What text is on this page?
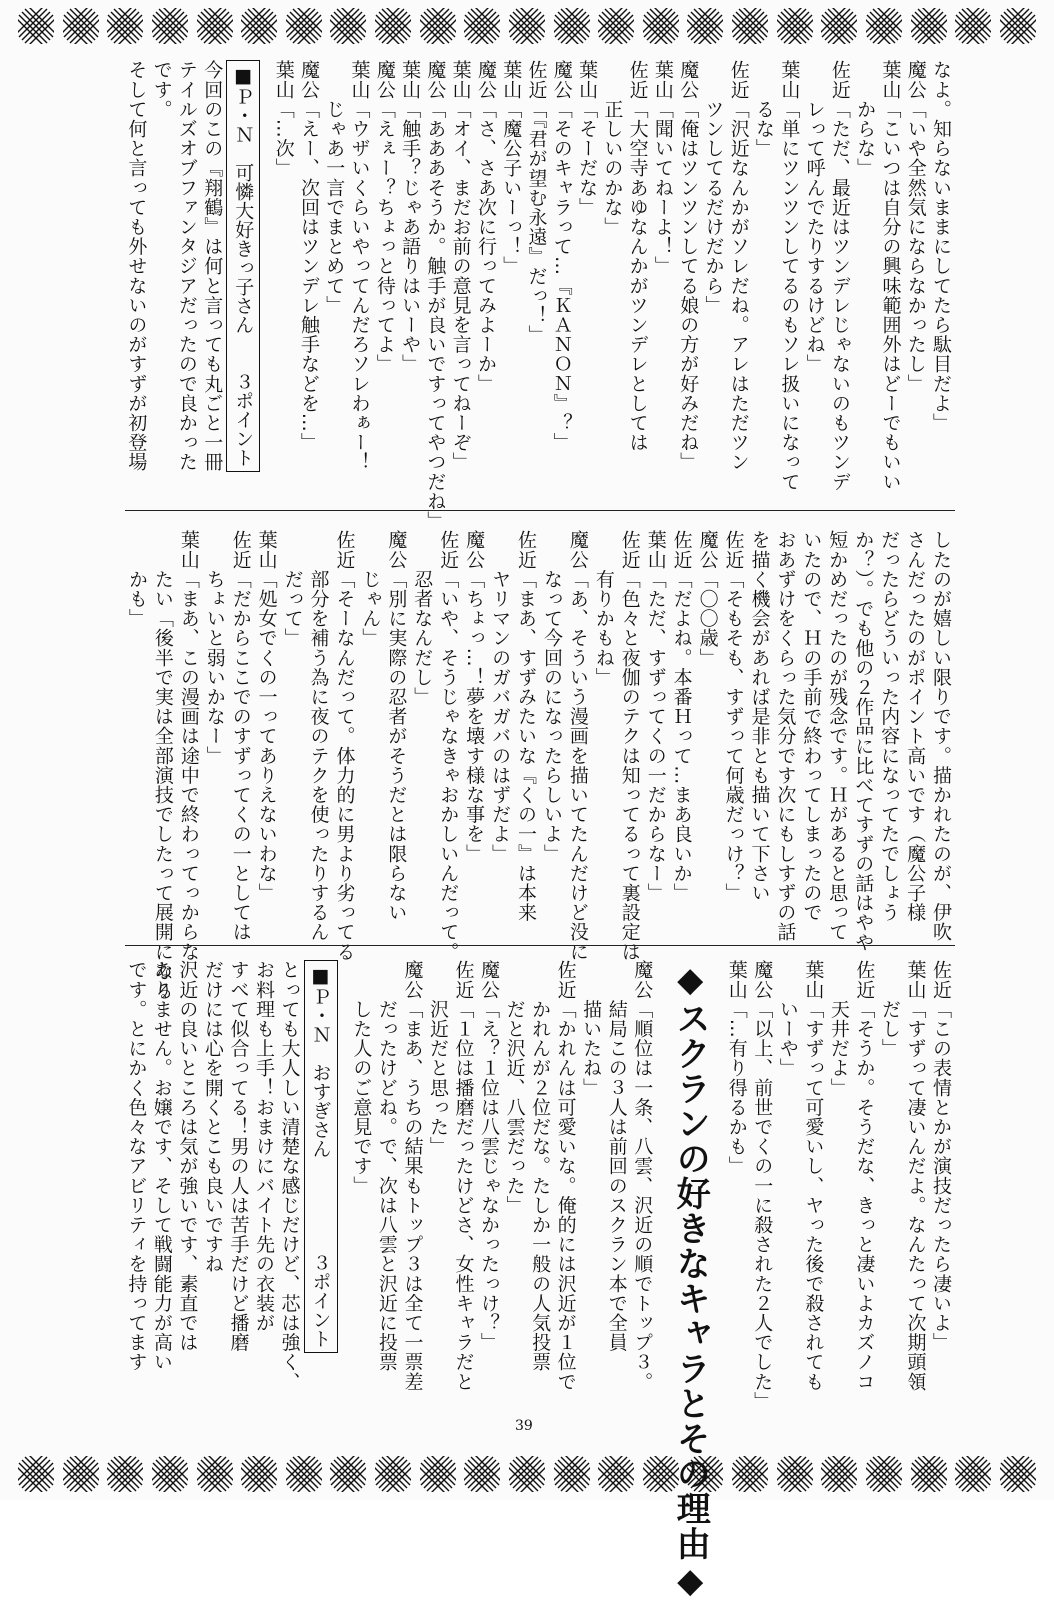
なよ。知らないままにしてたら駄目だよ」
魔公「いや全然気にならなかったし」
葉山「こいつは自分の興味範囲外はどーでもいい
　　からな」
佐近「ただ、最近はツンデレじゃないのもツンデ
　　レって呼んでたりするけどね」
葉山「単にツンツンしてるのもソレ扱いになって
　　るな」
佐近「沢近なんかがソレだね。アレはただツン
　　ツンしてるだけだから」
魔公「俺はツンツンしてる娘の方が好みだね」
葉山「聞いてねーよ！」
佐近「大空寺あゆなんかがツンデレとしては
　　正しいのかな」
葉山「そーだな」
魔公「そのキャラって…『ＫＡＮＯＮ』？」
佐近「『君が望む永遠』だっ！」
葉山「魔公子いーっ！」
魔公「さ、さあ次に行ってみよーか」
葉山「オイ、まだお前の意見を言ってねーぞ」
魔公「あああそうか。触手が良いですってやつだね」
葉山「触手？じゃあ語りはいーや」
魔公「えぇー？ちょっと待ってよ」
葉山「ウザいくらいやってんだろソレわぁー！
　　じゃあ一言でまとめて」
魔公「えー、次回はツンデレ触手などを…」
葉山「…次」
■Ｐ・Ｎ　可憐大好きっ子さん　　３ポイント
今回のこの『翔鶴』は何と言っても丸ごと一冊
テイルズオブファンタジアだったので良かった
です。
そして何と言っても外せないのがすずが初登場
したのが嬉しい限りです。描かれたのが、伊吹
さんだったのがポイント高いです（魔公子様
だったらどういった内容になってたでしょう
か？）。でも他の２作品に比べてすずの話はやや
短かめだったのが残念です。Ｈがあると思って
いたので、Ｈの手前で終わってしまったので
おあずけをくらった気分です次にもしすずの話
を描く機会があれば是非とも描いて下さい
佐近「そもそも、すずって何歳だっけ？」
魔公「〇〇歳」
佐近「だよね。本番Ｈって…まあ良いか」
葉山「ただ、すずってくの一だからなー」
佐近「色々と夜伽のテクは知ってるって裏設定は
　　有りかもね」
魔公「あ、そういう漫画を描いてたんだけど没に
　　なって今回のになったらしいよ」
佐近「まあ、すずみたいな『くの一』は本来
　　ヤリマンのガバガバのはずだよ」
魔公「ちょっ…！夢を壊す様な事を」
佐近「いや、そうじゃなきゃおかしいんだって。
　　忍者なんだし」
魔公「別に実際の忍者がそうだとは限らない
　　じゃん」
佐近「そーなんだって。体力的に男より劣ってる
　　部分を補う為に夜のテクを使ったりするん
　　だって」
葉山「処女でくの一ってありえないわな」
佐近「だからここでのすずってくの一としては
　　ちょいと弱いかなー」
葉山「まあ、この漫画は途中で終わってっからな
　　たい「後半で実は全部演技でしたって展開になる
　　かも」
佐近「この表情とかが演技だったら凄いよ」
葉山「すずって凄いんだよ。なんたって次期頭領
　　だし」
佐近「そうか。そうだな、きっと凄いよカズノコ
　　天井だよ」
葉山「すずって可愛いし、ヤった後で殺されても
　　いーや」
魔公「以上、前世でくの一に殺された２人でした」
葉山「…有り得るかも」
◆スクランの好きなキャラとその理由◆
魔公「順位は一条、八雲、沢近の順でトップ３。
　　結局この３人は前回のスクラン本で全員
　　描いたね」
佐近「かれんは可愛いな。俺的には沢近が１位で
　　かれんが２位だな。たしか一般の人気投票
　　だと沢近、八雲だった」
魔公「え？１位は八雲じゃなかったっけ？」
佐近「１位は播磨だったけどさ、女性キャラだと
　　沢近だと思った」
魔公「まあ、うちの結果もトップ３は全て一票差
　　だったけどね。で、次は八雲と沢近に投票
　　した人のご意見です」
■Ｐ・Ｎ　おすぎさん　　　　　３ポイント
とっても大人しい清楚な感じだけど、芯は強く、
お料理も上手！おまけにバイト先の衣装が
すべて似合ってる！男の人は苦手だけど播磨
だけには心を開くとこも良いですね
沢近の良いところは気が強いです、素直では
ありません。お嬢です、そして戦闘能力が高い
です。とにかく色々なアビリティを持ってます
39
